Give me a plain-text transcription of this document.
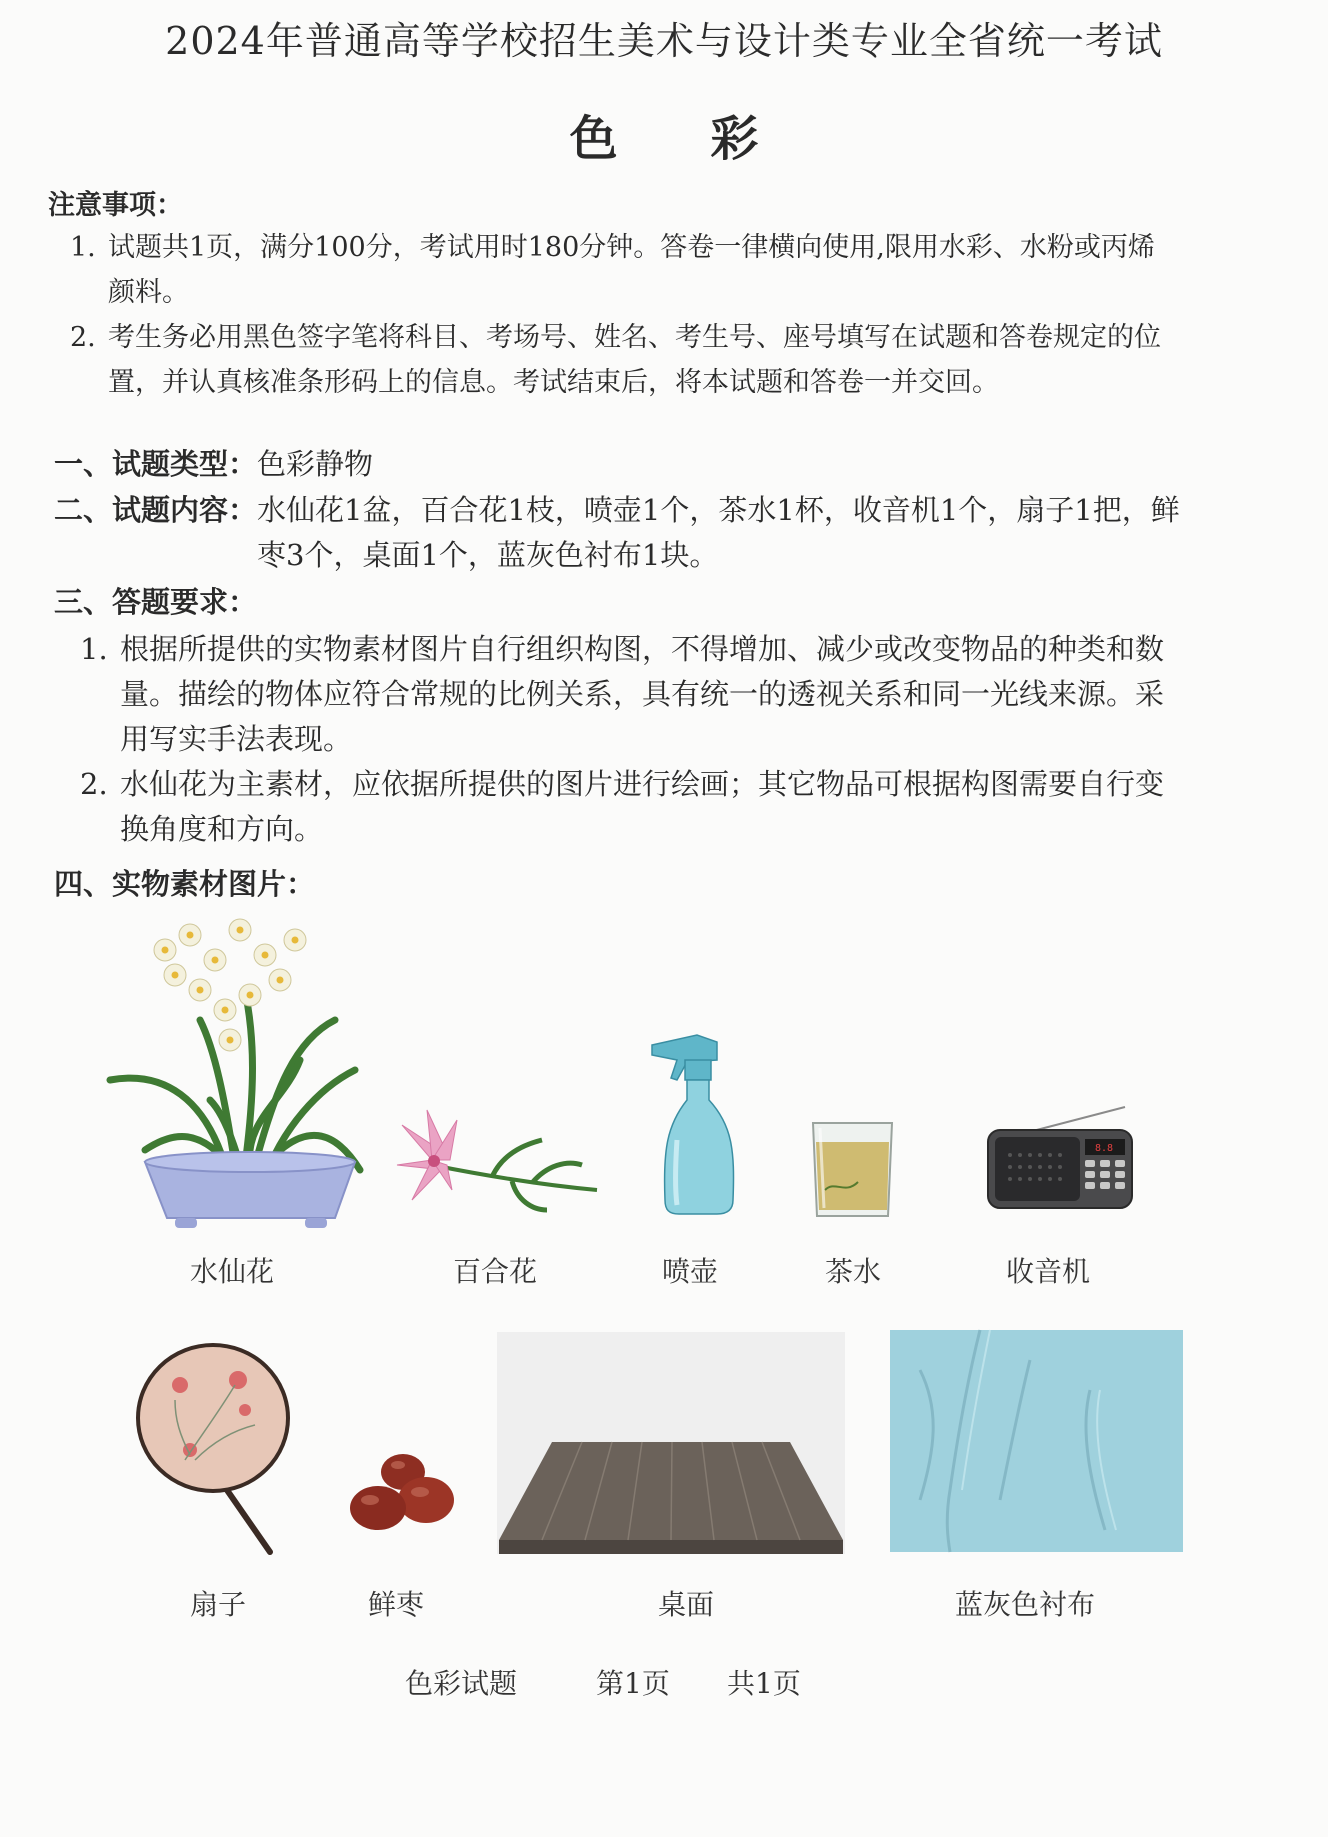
2024年普通高等学校招生美术与设计类专业全省统一考试
色 彩
注意事项：
1. 试题共1页，满分100分，考试用时180分钟。答卷一律横向使用,限用水彩、水粉或丙烯颜料。
2. 考生务必用黑色签字笔将科目、考场号、姓名、考生号、座号填写在试题和答卷规定的位置，并认真核准条形码上的信息。考试结束后，将本试题和答卷一并交回。
一、试题类型：色彩静物
二、试题内容： 水仙花1盆，百合花1枝，喷壶1个，茶水1杯，收音机1个，扇子1把，鲜枣3个，桌面1个，蓝灰色衬布1块。
三、答题要求：
1. 根据所提供的实物素材图片自行组织构图，不得增加、减少或改变物品的种类和数量。描绘的物体应符合常规的比例关系，具有统一的透视关系和同一光线来源。采用写实手法表现。
2. 水仙花为主素材，应依据所提供的图片进行绘画；其它物品可根据构图需要自行变换角度和方向。
四、实物素材图片：
水仙花	百合花	喷壶	茶水
8.8
收音机
扇子	鲜枣	桌面	蓝灰色衬布
色彩试题	第1页 共1页
